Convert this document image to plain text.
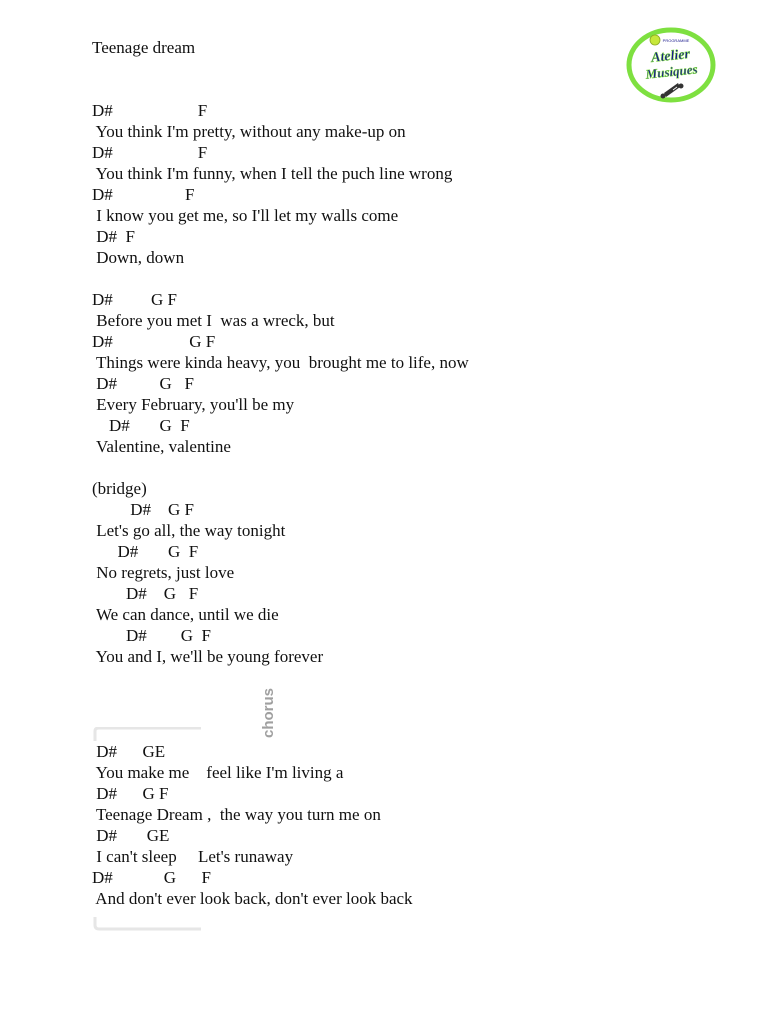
Teenage dream	PROGRAMME
Atelier
Musiques
chorus
D#                    F
You think I'm pretty, without any make-up on
D#                    F
You think I'm funny, when I tell the puch line wrong
D#                 F
I know you get me, so I'll let my walls come
D#  F
Down, down
D#         G F
Before you met I  was a wreck, but
D#                  G F
Things were kinda heavy, you  brought me to life, now
D#          G   F
Every February, you'll be my
D#       G  F
Valentine, valentine
(bridge)
D#    G F
Let's go all, the way tonight
D#       G  F
No regrets, just love
D#    G   F
We can dance, until we die
D#        G  F
You and I, we'll be young forever
D#      GE
You make me    feel like I'm living a
D#      G F
Teenage Dream ,  the way you turn me on
D#       GE
I can't sleep     Let's runaway
D#            G      F
And don't ever look back, don't ever look back
